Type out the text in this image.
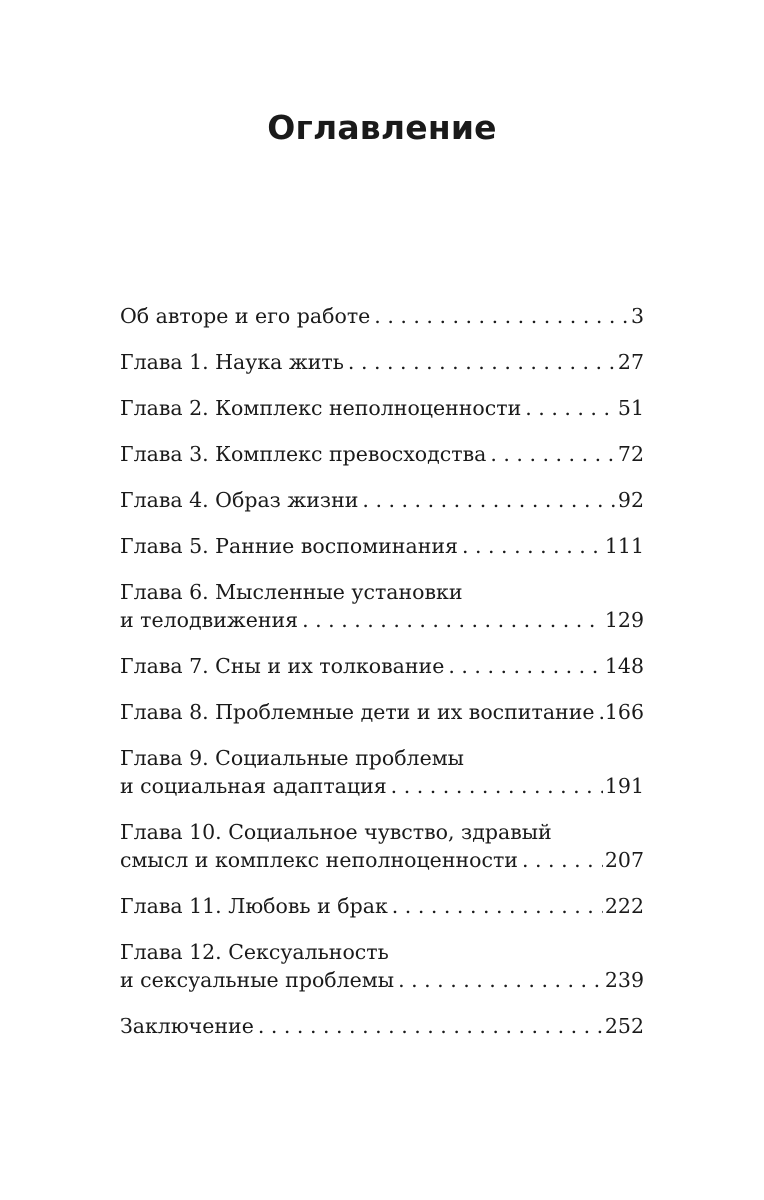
Оглавление
Об авторе и его работе . . .	3
Глава 1. Наука жить . . .	27
Глава 2. Комплекс неполноценности . . .	51
Глава 3. Комплекс превосходства . . .	72
Глава 4. Образ жизни . . .	92
Глава 5. Ранние воспоминания . . .	111
Глава 6. Мысленные установки
и телодвижения . . .	129
Глава 7. Сны и их толкование . . .	148
Глава 8. Проблемные дети и их воспитание . . . 166
Глава 9. Социальные проблемы
и социальная адаптация . . .	191
Глава 10. Социальное чувство, здравый
смысл и комплекс неполноценности . . .	207
Глава 11. Любовь и брак . . .	222
Глава 12. Сексуальность
и сексуальные проблемы . . .	239
Заключение . . .	252
